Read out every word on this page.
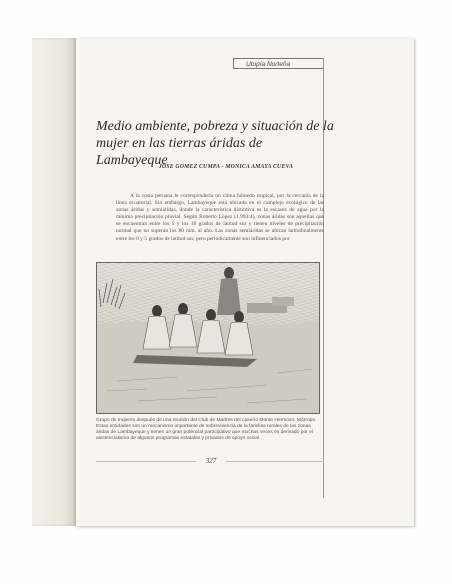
Utopía Norteña
Medio ambiente, pobreza y situación de la mujer en las tierras áridas de Lambayeque
JOSE GOMEZ CUMPA - MONICA AMAYA CUEVA

A la costa peruana le correspondería un clima húmedo tropical, por la cercanía de la línea ecuatorial. Sin embargo, Lambayeque está ubicada en el complejo ecológico de las zonas áridas y semiáridas, donde la característica distintiva es la escasez de agua por la mínima precipitación pluvial. Según Roberto López (1.993:4), zonas áridas son aquellas que se encuentran entre los 5 y los 18 grados de latitud sur y tienen niveles de precipitación normal que no superan los 80 mm. al año. Las zonas semiáridas se ubican latitudinalmente entre los 0 y 5 grados de latitud sur, pero periódicamente son influenciados por

Grupo de mujeres después de una reunión del Club de Madres del caserío Monte Hermoso, Mórrope. Estas entidades son un mecanismo importante de sobrevivencia de la familias rurales de las zonas áridas de Lambayeque y tienen un gran potencial participativo que muchas veces es derivado por el asistencialismo de algunos programas estatales y privados de apoyo social.

327
